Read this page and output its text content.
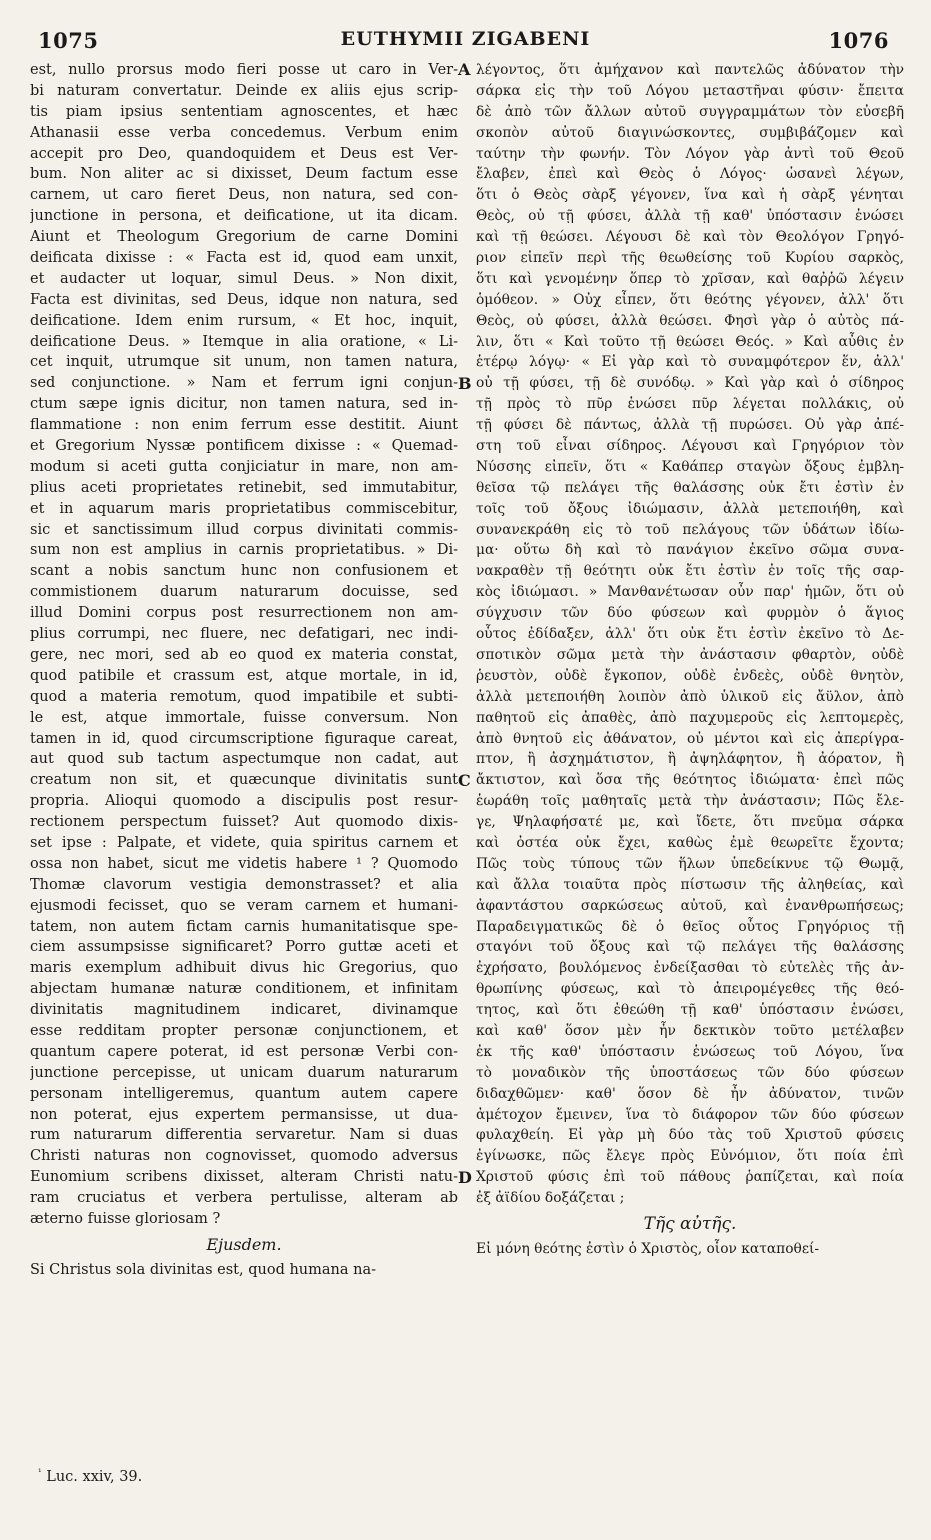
1075	EUTHYMII ZIGABENI	1076
est, nullo prorsus modo fieri posse ut caro in Ver-
bi naturam convertatur. Deinde ex aliis ejus scrip-
tis piam ipsius sententiam agnoscentes, et hæc
Athanasii esse verba concedemus. Verbum enim
accepit pro Deo, quandoquidem et Deus est Ver-
bum. Non aliter ac si dixisset, Deum factum esse
carnem, ut caro fieret Deus, non natura, sed con-
junctione in persona, et deificatione, ut ita dicam.
Aiunt et Theologum Gregorium de carne Domini
deificata dixisse : « Facta est id, quod eam unxit,
et audacter ut loquar, simul Deus. » Non dixit,
Facta est divinitas, sed Deus, idque non natura, sed
deificatione. Idem enim rursum, « Et hoc, inquit,
deificatione Deus. » Itemque in alia oratione, « Li-
cet inquit, utrumque sit unum, non tamen natura,
sed conjunctione. » Nam et ferrum igni conjun-
ctum sæpe ignis dicitur, non tamen natura, sed in-
flammatione : non enim ferrum esse destitit. Aiunt
et Gregorium Nyssæ pontificem dixisse : « Quemad-
modum si aceti gutta conjiciatur in mare, non am-
plius aceti proprietates retinebit, sed immutabitur,
et in aquarum maris proprietatibus commiscebitur,
sic et sanctissimum illud corpus divinitati commis-
sum non est amplius in carnis proprietatibus. » Di-
scant a nobis sanctum hunc non confusionem et
commistionem duarum naturarum docuisse, sed
illud Domini corpus post resurrectionem non am-
plius corrumpi, nec fluere, nec defatigari, nec indi-
gere, nec mori, sed ab eo quod ex materia constat,
quod patibile et crassum est, atque mortale, in id,
quod a materia remotum, quod impatibile et subti-
le est, atque immortale, fuisse conversum. Non
tamen in id, quod circumscriptione figuraque careat,
aut quod sub tactum aspectumque non cadat, aut
creatum non sit, et quæcunque divinitatis sunt
propria. Alioqui quomodo a discipulis post resur-
rectionem perspectum fuisset? Aut quomodo dixis-
set ipse : Palpate, et videte, quia spiritus carnem et
ossa non habet, sicut me videtis habere ¹ ? Quomodo
Thomæ clavorum vestigia demonstrasset? et alia
ejusmodi fecisset, quo se veram carnem et humani-
tatem, non autem fictam carnis humanitatisque spe-
ciem assumpsisse significaret? Porro guttæ aceti et
maris exemplum adhibuit divus hic Gregorius, quo
abjectam humanæ naturæ conditionem, et infinitam
divinitatis magnitudinem indicaret, divinamque
esse redditam propter personæ conjunctionem, et
quantum capere poterat, id est personæ Verbi con-
junctione percepisse, ut unicam duarum naturarum
personam intelligeremus, quantum autem capere
non poterat, ejus expertem permansisse, ut dua-
rum naturarum differentia servaretur. Nam si duas
Christi naturas non cognovisset, quomodo adversus
Eunomium scribens dixisset, alteram Christi natu-
ram cruciatus et verbera pertulisse, alteram ab
æterno fuisse gloriosam ?
Ejusdem.
Si Christus sola divinitas est, quod humana na-
A
B
C
D
λέγοντος, ὅτι ἀμήχανον καὶ παντελῶς ἀδύνατον τὴν
σάρκα εἰς τὴν τοῦ Λόγου μεταστῆναι φύσιν· ἔπειτα
δὲ ἀπὸ τῶν ἄλλων αὐτοῦ συγγραμμάτων τὸν εὐσεβῆ
σκοπὸν αὐτοῦ διαγινώσκοντες, συμβιβάζομεν καὶ
ταύτην τὴν φωνήν. Τὸν Λόγον γὰρ ἀντὶ τοῦ Θεοῦ
ἔλαβεν, ἐπεὶ καὶ Θεὸς ὁ Λόγος· ὡσανεὶ λέγων,
ὅτι ὁ Θεὸς σὰρξ γέγονεν, ἵνα καὶ ἡ σὰρξ γένηται
Θεὸς, οὐ τῇ φύσει, ἀλλὰ τῇ καθ' ὑπόστασιν ἑνώσει
καὶ τῇ θεώσει. Λέγουσι δὲ καὶ τὸν Θεολόγον Γρηγό-
ριον εἰπεῖν περὶ τῆς θεωθείσης τοῦ Κυρίου σαρκὸς,
ὅτι καὶ γενομένην ὅπερ τὸ χρῖσαν, καὶ θαῤῥῶ λέγειν
ὁμόθεον. » Οὐχ εἶπεν, ὅτι θεότης γέγονεν, ἀλλ' ὅτι
Θεὸς, οὐ φύσει, ἀλλὰ θεώσει. Φησὶ γὰρ ὁ αὐτὸς πά-
λιν, ὅτι « Καὶ τοῦτο τῇ θεώσει Θεός. » Καὶ αὖθις ἐν
ἑτέρῳ λόγῳ· « Εἰ γὰρ καὶ τὸ συναμφότερον ἕν, ἀλλ'
οὐ τῇ φύσει, τῇ δὲ συνόδῳ. » Καὶ γὰρ καὶ ὁ σίδηρος
τῇ πρὸς τὸ πῦρ ἑνώσει πῦρ λέγεται πολλάκις, οὐ
τῇ φύσει δὲ πάντως, ἀλλὰ τῇ πυρώσει. Οὐ γὰρ ἀπέ-
στη τοῦ εἶναι σίδηρος. Λέγουσι καὶ Γρηγόριον τὸν
Νύσσης εἰπεῖν, ὅτι « Καθάπερ σταγὼν ὄξους ἐμβλη-
θεῖσα τῷ πελάγει τῆς θαλάσσης οὐκ ἔτι ἐστὶν ἐν
τοῖς τοῦ ὄξους ἰδιώμασιν, ἀλλὰ μετεποιήθη, καὶ
συνανεκράθη εἰς τὸ τοῦ πελάγους τῶν ὑδάτων ἰδίω-
μα· οὕτω δὴ καὶ τὸ πανάγιον ἐκεῖνο σῶμα συνα-
νακραθὲν τῇ θεότητι οὐκ ἔτι ἐστὶν ἐν τοῖς τῆς σαρ-
κὸς ἰδιώμασι. » Μανθανέτωσαν οὖν παρ' ἡμῶν, ὅτι οὐ
σύγχυσιν τῶν δύο φύσεων καὶ φυρμὸν ὁ ἅγιος
οὗτος ἐδίδαξεν, ἀλλ' ὅτι οὐκ ἔτι ἐστὶν ἐκεῖνο τὸ Δε-
σποτικὸν σῶμα μετὰ τὴν ἀνάστασιν φθαρτὸν, οὐδὲ
ῥευστὸν, οὐδὲ ἔγκοπον, οὐδὲ ἐνδεὲς, οὐδὲ θνητὸν,
ἀλλὰ μετεποιήθη λοιπὸν ἀπὸ ὑλικοῦ εἰς ἄϋλον, ἀπὸ
παθητοῦ εἰς ἀπαθὲς, ἀπὸ παχυμεροῦς εἰς λεπτομερὲς,
ἀπὸ θνητοῦ εἰς ἀθάνατον, οὐ μέντοι καὶ εἰς ἀπερίγρα-
πτον, ἢ ἀσχημάτιστον, ἢ ἀψηλάφητον, ἢ ἀόρατον, ἢ
ἄκτιστον, καὶ ὅσα τῆς θεότητος ἰδιώματα· ἐπεὶ πῶς
ἑωράθη τοῖς μαθηταῖς μετὰ τὴν ἀνάστασιν; Πῶς ἔλε-
γε, Ψηλαφήσατέ με, καὶ ἴδετε, ὅτι πνεῦμα σάρκα
καὶ ὀστέα οὐκ ἔχει, καθὼς ἐμὲ θεωρεῖτε ἔχοντα;
Πῶς τοὺς τύπους τῶν ἥλων ὑπεδείκνυε τῷ Θωμᾷ,
καὶ ἄλλα τοιαῦτα πρὸς πίστωσιν τῆς ἀληθείας, καὶ
ἀφαντάστου σαρκώσεως αὐτοῦ, καὶ ἐνανθρωπήσεως;
Παραδειγματικῶς δὲ ὁ θεῖος οὗτος Γρηγόριος τῇ
σταγόνι τοῦ ὄξους καὶ τῷ πελάγει τῆς θαλάσσης
ἐχρήσατο, βουλόμενος ἐνδείξασθαι τὸ εὐτελὲς τῆς ἀν-
θρωπίνης φύσεως, καὶ τὸ ἀπειρομέγεθες τῆς θεό-
τητος, καὶ ὅτι ἐθεώθη τῇ καθ' ὑπόστασιν ἑνώσει,
καὶ καθ' ὅσον μὲν ἦν δεκτικὸν τοῦτο μετέλαβεν
ἐκ τῆς καθ' ὑπόστασιν ἑνώσεως τοῦ Λόγου, ἵνα
τὸ μοναδικὸν τῆς ὑποστάσεως τῶν δύο φύσεων
διδαχθῶμεν· καθ' ὅσον δὲ ἦν ἀδύνατον, τινῶν
ἀμέτοχον ἔμεινεν, ἵνα τὸ διάφορον τῶν δύο φύσεων
φυλαχθείη. Εἰ γὰρ μὴ δύο τὰς τοῦ Χριστοῦ φύσεις
ἐγίνωσκε, πῶς ἔλεγε πρὸς Εὐνόμιον, ὅτι ποία ἐπὶ
Χριστοῦ φύσις ἐπὶ τοῦ πάθους ῥαπίζεται, καὶ ποία
ἐξ ἀϊδίου δοξάζεται ;
Τῆς αὐτῆς.
Εἰ μόνη θεότης ἐστὶν ὁ Χριστὸς, οἷον καταποθεί-
$^{^1}$ Luc. xxiv, 39.
